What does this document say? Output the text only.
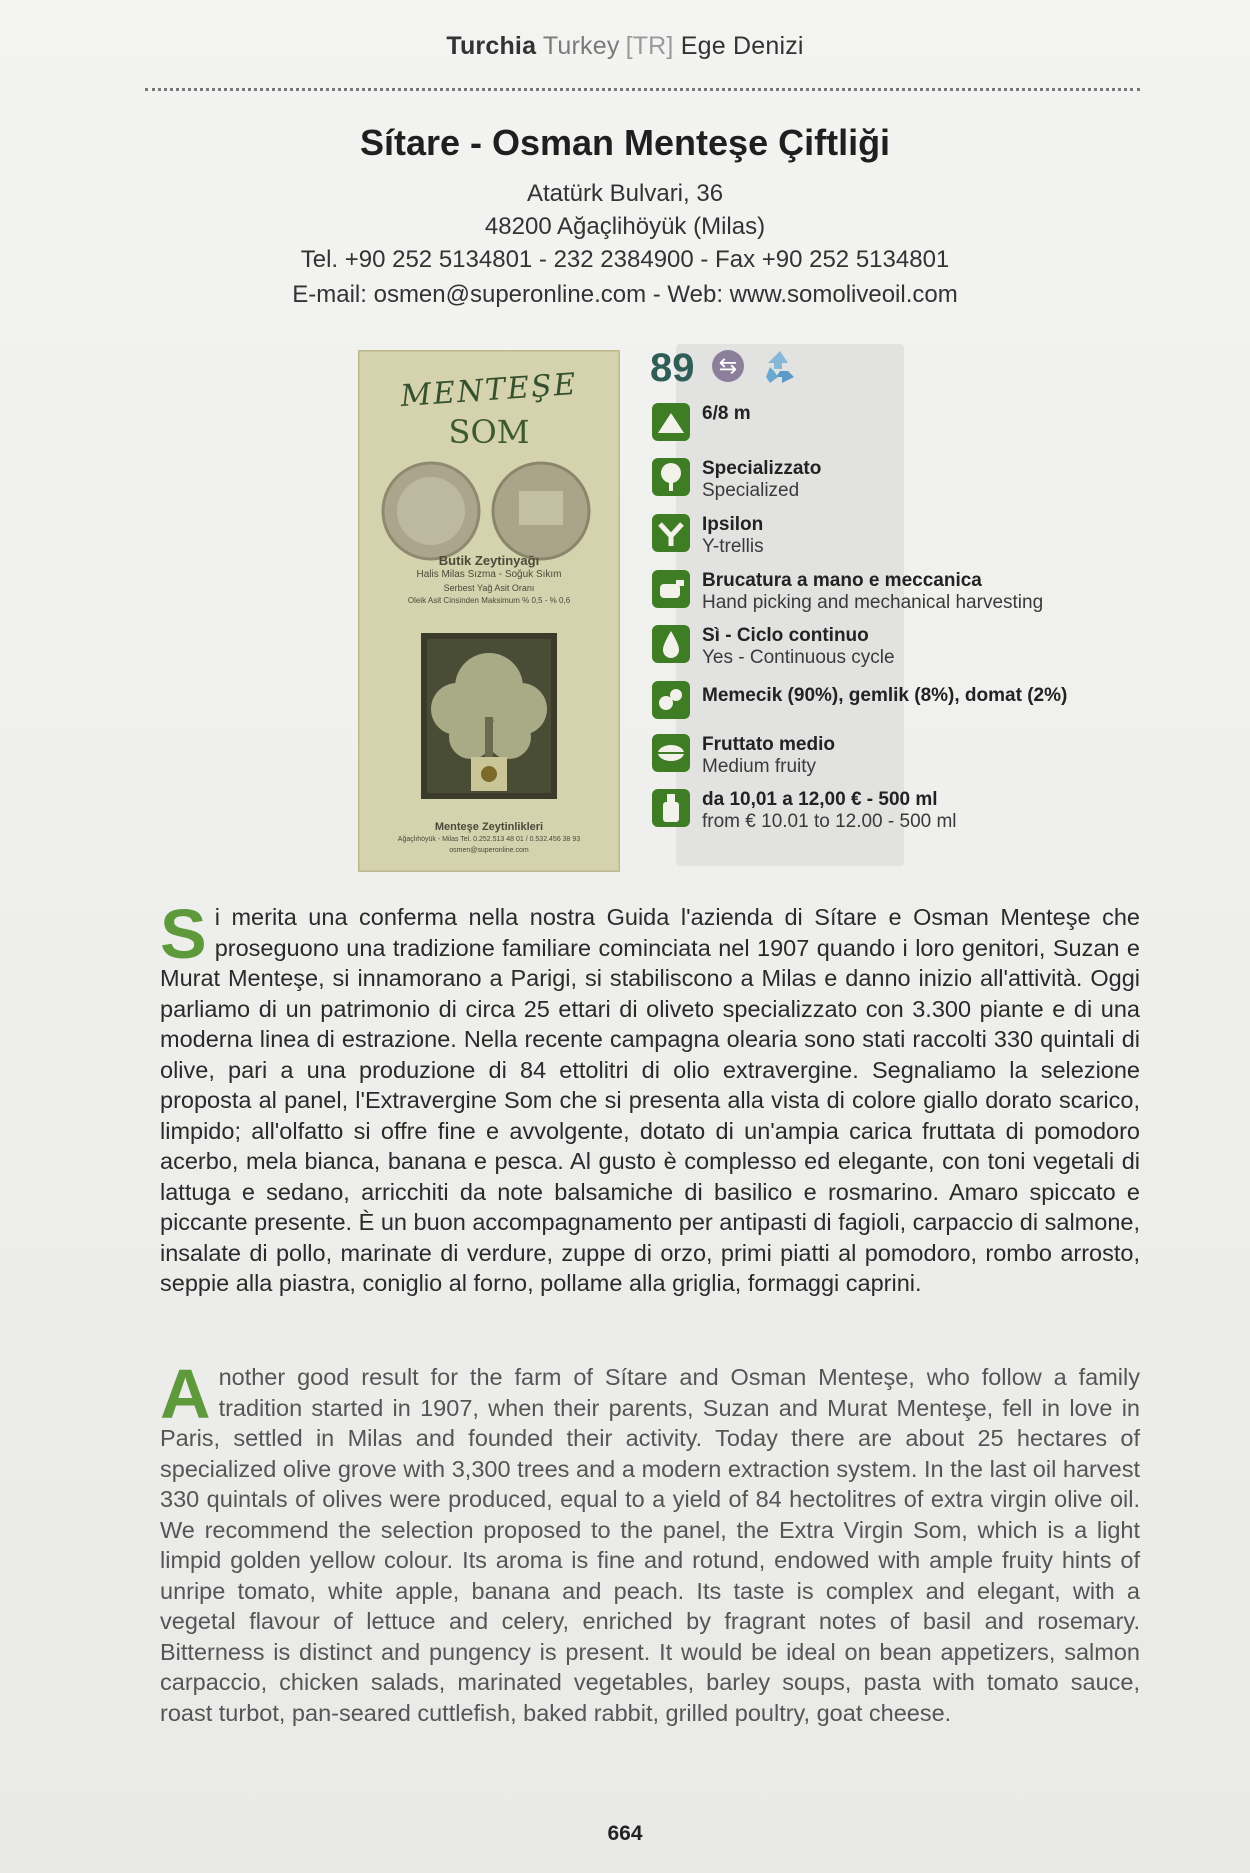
Turchia Turkey [TR] Ege Denizi
Sítare - Osman Menteşe Çiftliği
Atatürk Bulvari, 36
48200 Ağaçlihöyük (Milas)
Tel. +90 252 5134801 - 232 2384900 - Fax +90 252 5134801
E-mail: osmen@superonline.com - Web: www.somoliveoil.com
MENTEŞE
SOM
Butik Zeytinyağı
Halis Milas Sızma - Soğuk Sıkım
Serbest Yağ Asit Oranı
Oleik Asit Cinsinden Maksimum % 0,5 - % 0,6
Menteşe Zeytinlikleri
Ağaçlıhöyük - Milas Tel. 0.252.513 48 01 / 0.532.456 38 93
osmen@superonline.com
89	⇆
6/8 m
Specializzato
Specialized
Ipsilon
Y-trellis
Brucatura a mano e meccanica
Hand picking and mechanical harvesting
Sì - Ciclo continuo
Yes - Continuous cycle
Memecik (90%), gemlik (8%), domat (2%)
Fruttato medio
Medium fruity
da 10,01 a 12,00 € - 500 ml
from € 10.01 to 12.00 - 500 ml
Si merita una conferma nella nostra Guida l'azienda di Sítare e Osman Menteşe che proseguono una tradizione familiare cominciata nel 1907 quando i loro genitori, Suzan e Murat Menteşe, si innamorano a Parigi, si stabiliscono a Milas e danno inizio all'attività. Oggi parliamo di un patrimonio di circa 25 ettari di oliveto specializzato con 3.300 piante e di una moderna linea di estrazione. Nella recente campagna olearia sono stati raccolti 330 quintali di olive, pari a una produzione di 84 ettolitri di olio extravergine. Segnaliamo la selezione proposta al panel, l'Extravergine Som che si presenta alla vista di colore giallo dorato scarico, limpido; all'olfatto si offre fine e avvolgente, dotato di un'ampia carica fruttata di pomodoro acerbo, mela bianca, banana e pesca. Al gusto è complesso ed elegante, con toni vegetali di lattuga e sedano, arricchiti da note balsamiche di basilico e rosmarino. Amaro spiccato e piccante presente. È un buon accompagnamento per antipasti di fagioli, carpaccio di salmone, insalate di pollo, marinate di verdure, zuppe di orzo, primi piatti al pomodoro, rombo arrosto, seppie alla piastra, coniglio al forno, pollame alla griglia, formaggi caprini.
Another good result for the farm of Sítare and Osman Menteşe, who follow a family tradition started in 1907, when their parents, Suzan and Murat Menteşe, fell in love in Paris, settled in Milas and founded their activity. Today there are about 25 hectares of specialized olive grove with 3,300 trees and a modern extraction system. In the last oil harvest 330 quintals of olives were produced, equal to a yield of 84 hectolitres of extra virgin olive oil. We recommend the selection proposed to the panel, the Extra Virgin Som, which is a light limpid golden yellow colour. Its aroma is fine and rotund, endowed with ample fruity hints of unripe tomato, white apple, banana and peach. Its taste is complex and elegant, with a vegetal flavour of lettuce and celery, enriched by fragrant notes of basil and rosemary. Bitterness is distinct and pungency is present. It would be ideal on bean appetizers, salmon carpaccio, chicken salads, marinated vegetables, barley soups, pasta with tomato sauce, roast turbot, pan-seared cuttlefish, baked rabbit, grilled poultry, goat cheese.
664
